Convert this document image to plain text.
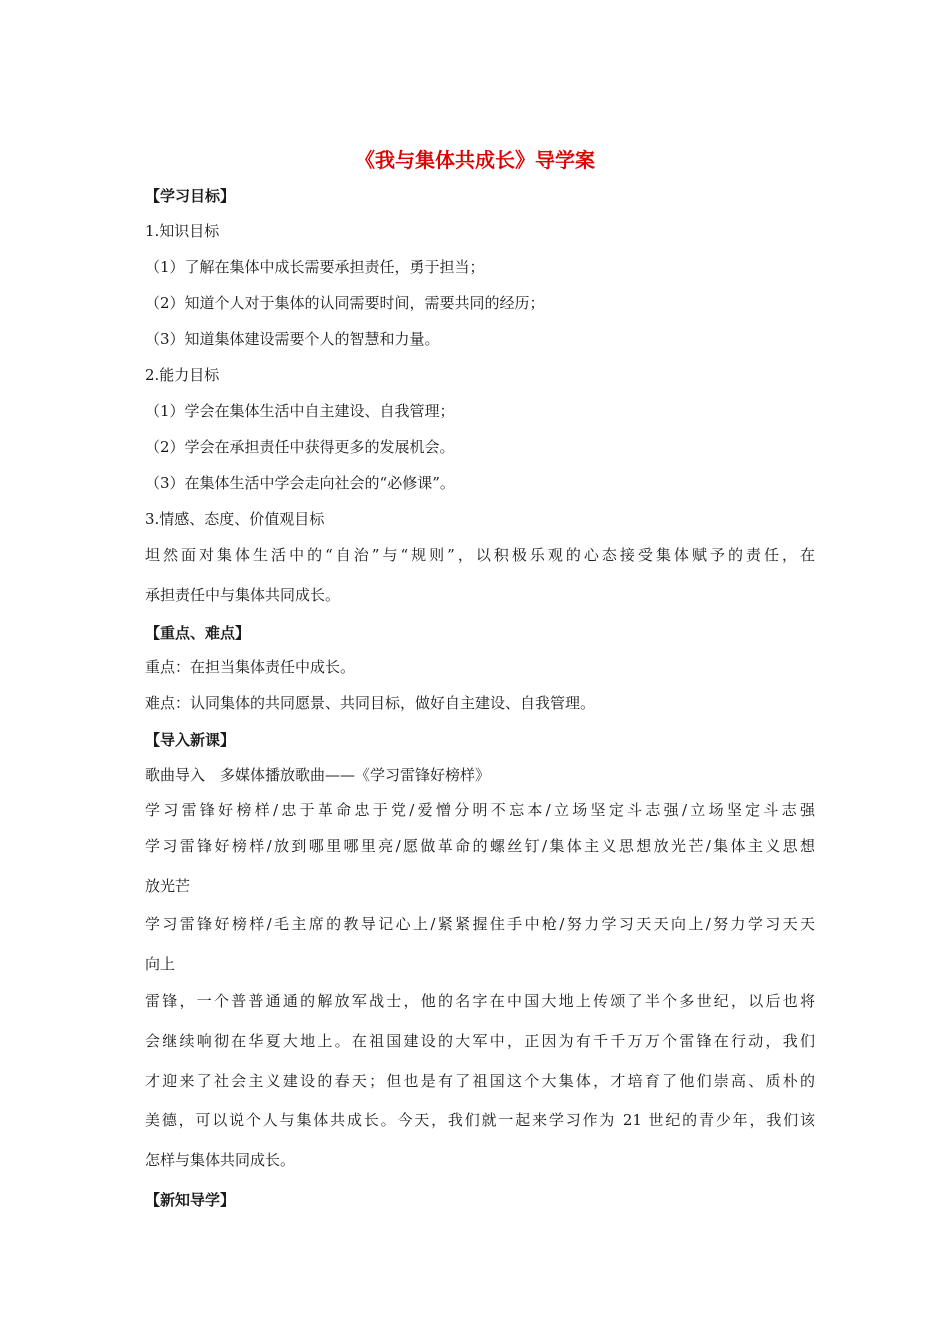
《我与集体共成长》导学案
【学习目标】
1.知识目标
（1）了解在集体中成长需要承担责任，勇于担当；
（2）知道个人对于集体的认同需要时间，需要共同的经历；
（3）知道集体建设需要个人的智慧和力量。
2.能力目标
（1）学会在集体生活中自主建设、自我管理；
（2）学会在承担责任中获得更多的发展机会。
（3）在集体生活中学会走向社会的“必修课”。
3.情感、态度、价值观目标
坦然面对集体生活中的“自治”与“规则”，以积极乐观的心态接受集体赋予的责任，在
承担责任中与集体共同成长。
【重点、难点】
重点：在担当集体责任中成长。
难点：认同集体的共同愿景、共同目标，做好自主建设、自我管理。
【导入新课】
歌曲导入　多媒体播放歌曲——《学习雷锋好榜样》
学习雷锋好榜样/忠于革命忠于党/爱憎分明不忘本/立场坚定斗志强/立场坚定斗志强
学习雷锋好榜样/放到哪里哪里亮/愿做革命的螺丝钉/集体主义思想放光芒/集体主义思想
放光芒
学习雷锋好榜样/毛主席的教导记心上/紧紧握住手中枪/努力学习天天向上/努力学习天天
向上
雷锋，一个普普通通的解放军战士，他的名字在中国大地上传颂了半个多世纪，以后也将
会继续响彻在华夏大地上。在祖国建设的大军中，正因为有千千万万个雷锋在行动，我们
才迎来了社会主义建设的春天；但也是有了祖国这个大集体，才培育了他们崇高、质朴的
美德，可以说个人与集体共成长。今天，我们就一起来学习作为 21 世纪的青少年，我们该
怎样与集体共同成长。
【新知导学】
